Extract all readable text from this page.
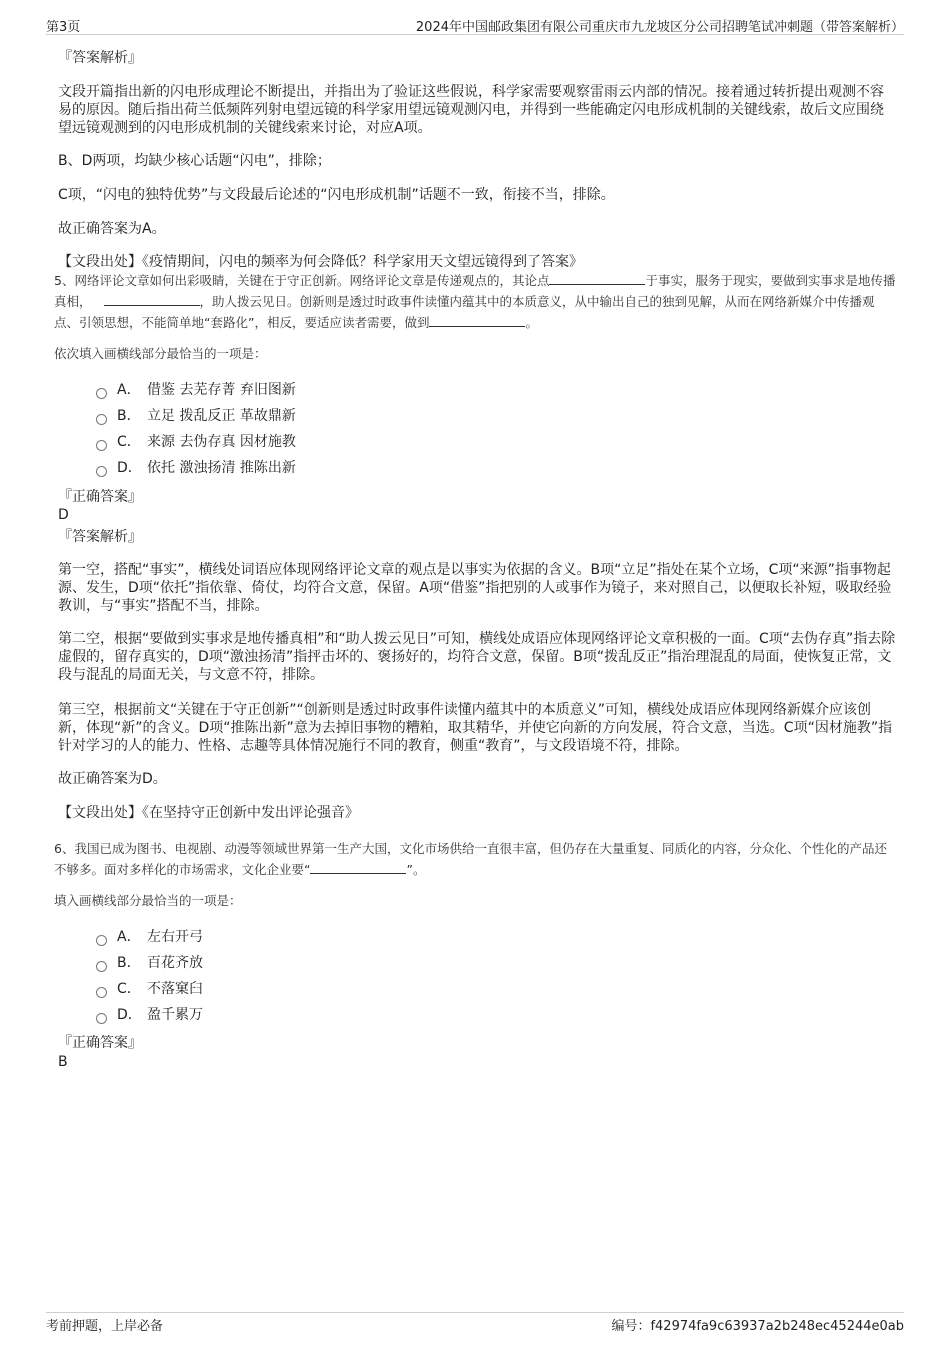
第3页	2024年中国邮政集团有限公司重庆市九龙坡区分公司招聘笔试冲刺题（带答案解析）
『答案解析』
文段开篇指出新的闪电形成理论不断提出，并指出为了验证这些假说，科学家需要观察雷雨云内部的情况。接着通过转折提出观测不容易的原因。随后指出荷兰低频阵列射电望远镜的科学家用望远镜观测闪电，并得到一些能确定闪电形成机制的关键线索，故后文应围绕望远镜观测到的闪电形成机制的关键线索来讨论，对应A项。
B、D两项，均缺少核心话题“闪电”，排除；
C项，“闪电的独特优势”与文段最后论述的“闪电形成机制”话题不一致，衔接不当，排除。
故正确答案为A。
【文段出处】《疫情期间，闪电的频率为何会降低？科学家用天文望远镜得到了答案》
5、网络评论文章如何出彩吸睛，关键在于守正创新。网络评论文章是传递观点的，其论点	于事实，服务于现实，要做到实事求是地传播真相，	，助人拨云见日。创新则是透过时政事件读懂内蕴其中的本质意义，从中输出自己的独到见解，从而在网络新媒介中传播观点、引领思想，不能简单地“套路化”，相反，要适应读者需要，做到	。
依次填入画横线部分最恰当的一项是：
A． 借鉴 去芜存菁 弃旧图新
B． 立足 拨乱反正 革故鼎新
C． 来源 去伪存真 因材施教
D． 依托 激浊扬清 推陈出新
『正确答案』
D
『答案解析』
第一空，搭配“事实”，横线处词语应体现网络评论文章的观点是以事实为依据的含义。B项“立足”指处在某个立场，C项“来源”指事物起源、发生，D项“依托”指依靠、倚仗，均符合文意，保留。A项“借鉴”指把别的人或事作为镜子，来对照自己，以便取长补短，吸取经验教训，与“事实”搭配不当，排除。
第二空，根据“要做到实事求是地传播真相”和“助人拨云见日”可知，横线处成语应体现网络评论文章积极的一面。C项“去伪存真”指去除虚假的，留存真实的，D项“激浊扬清”指抨击坏的、褒扬好的，均符合文意，保留。B项“拨乱反正”指治理混乱的局面，使恢复正常，文段与混乱的局面无关，与文意不符，排除。
第三空，根据前文“关键在于守正创新”“创新则是透过时政事件读懂内蕴其中的本质意义”可知，横线处成语应体现网络新媒介应该创新，体现“新”的含义。D项“推陈出新”意为去掉旧事物的糟粕，取其精华，并使它向新的方向发展，符合文意，当选。C项“因材施教”指针对学习的人的能力、性格、志趣等具体情况施行不同的教育，侧重“教育”，与文段语境不符，排除。
故正确答案为D。
【文段出处】《在坚持守正创新中发出评论强音》
6、我国已成为图书、电视剧、动漫等领域世界第一生产大国，文化市场供给一直很丰富，但仍存在大量重复、同质化的内容，分众化、个性化的产品还不够多。面对多样化的市场需求，文化企业要“	”。
填入画横线部分最恰当的一项是：
A． 左右开弓
B． 百花齐放
C． 不落窠臼
D． 盈千累万
『正确答案』
B
考前押题，上岸必备	编号：f42974fa9c63937a2b248ec45244e0ab
